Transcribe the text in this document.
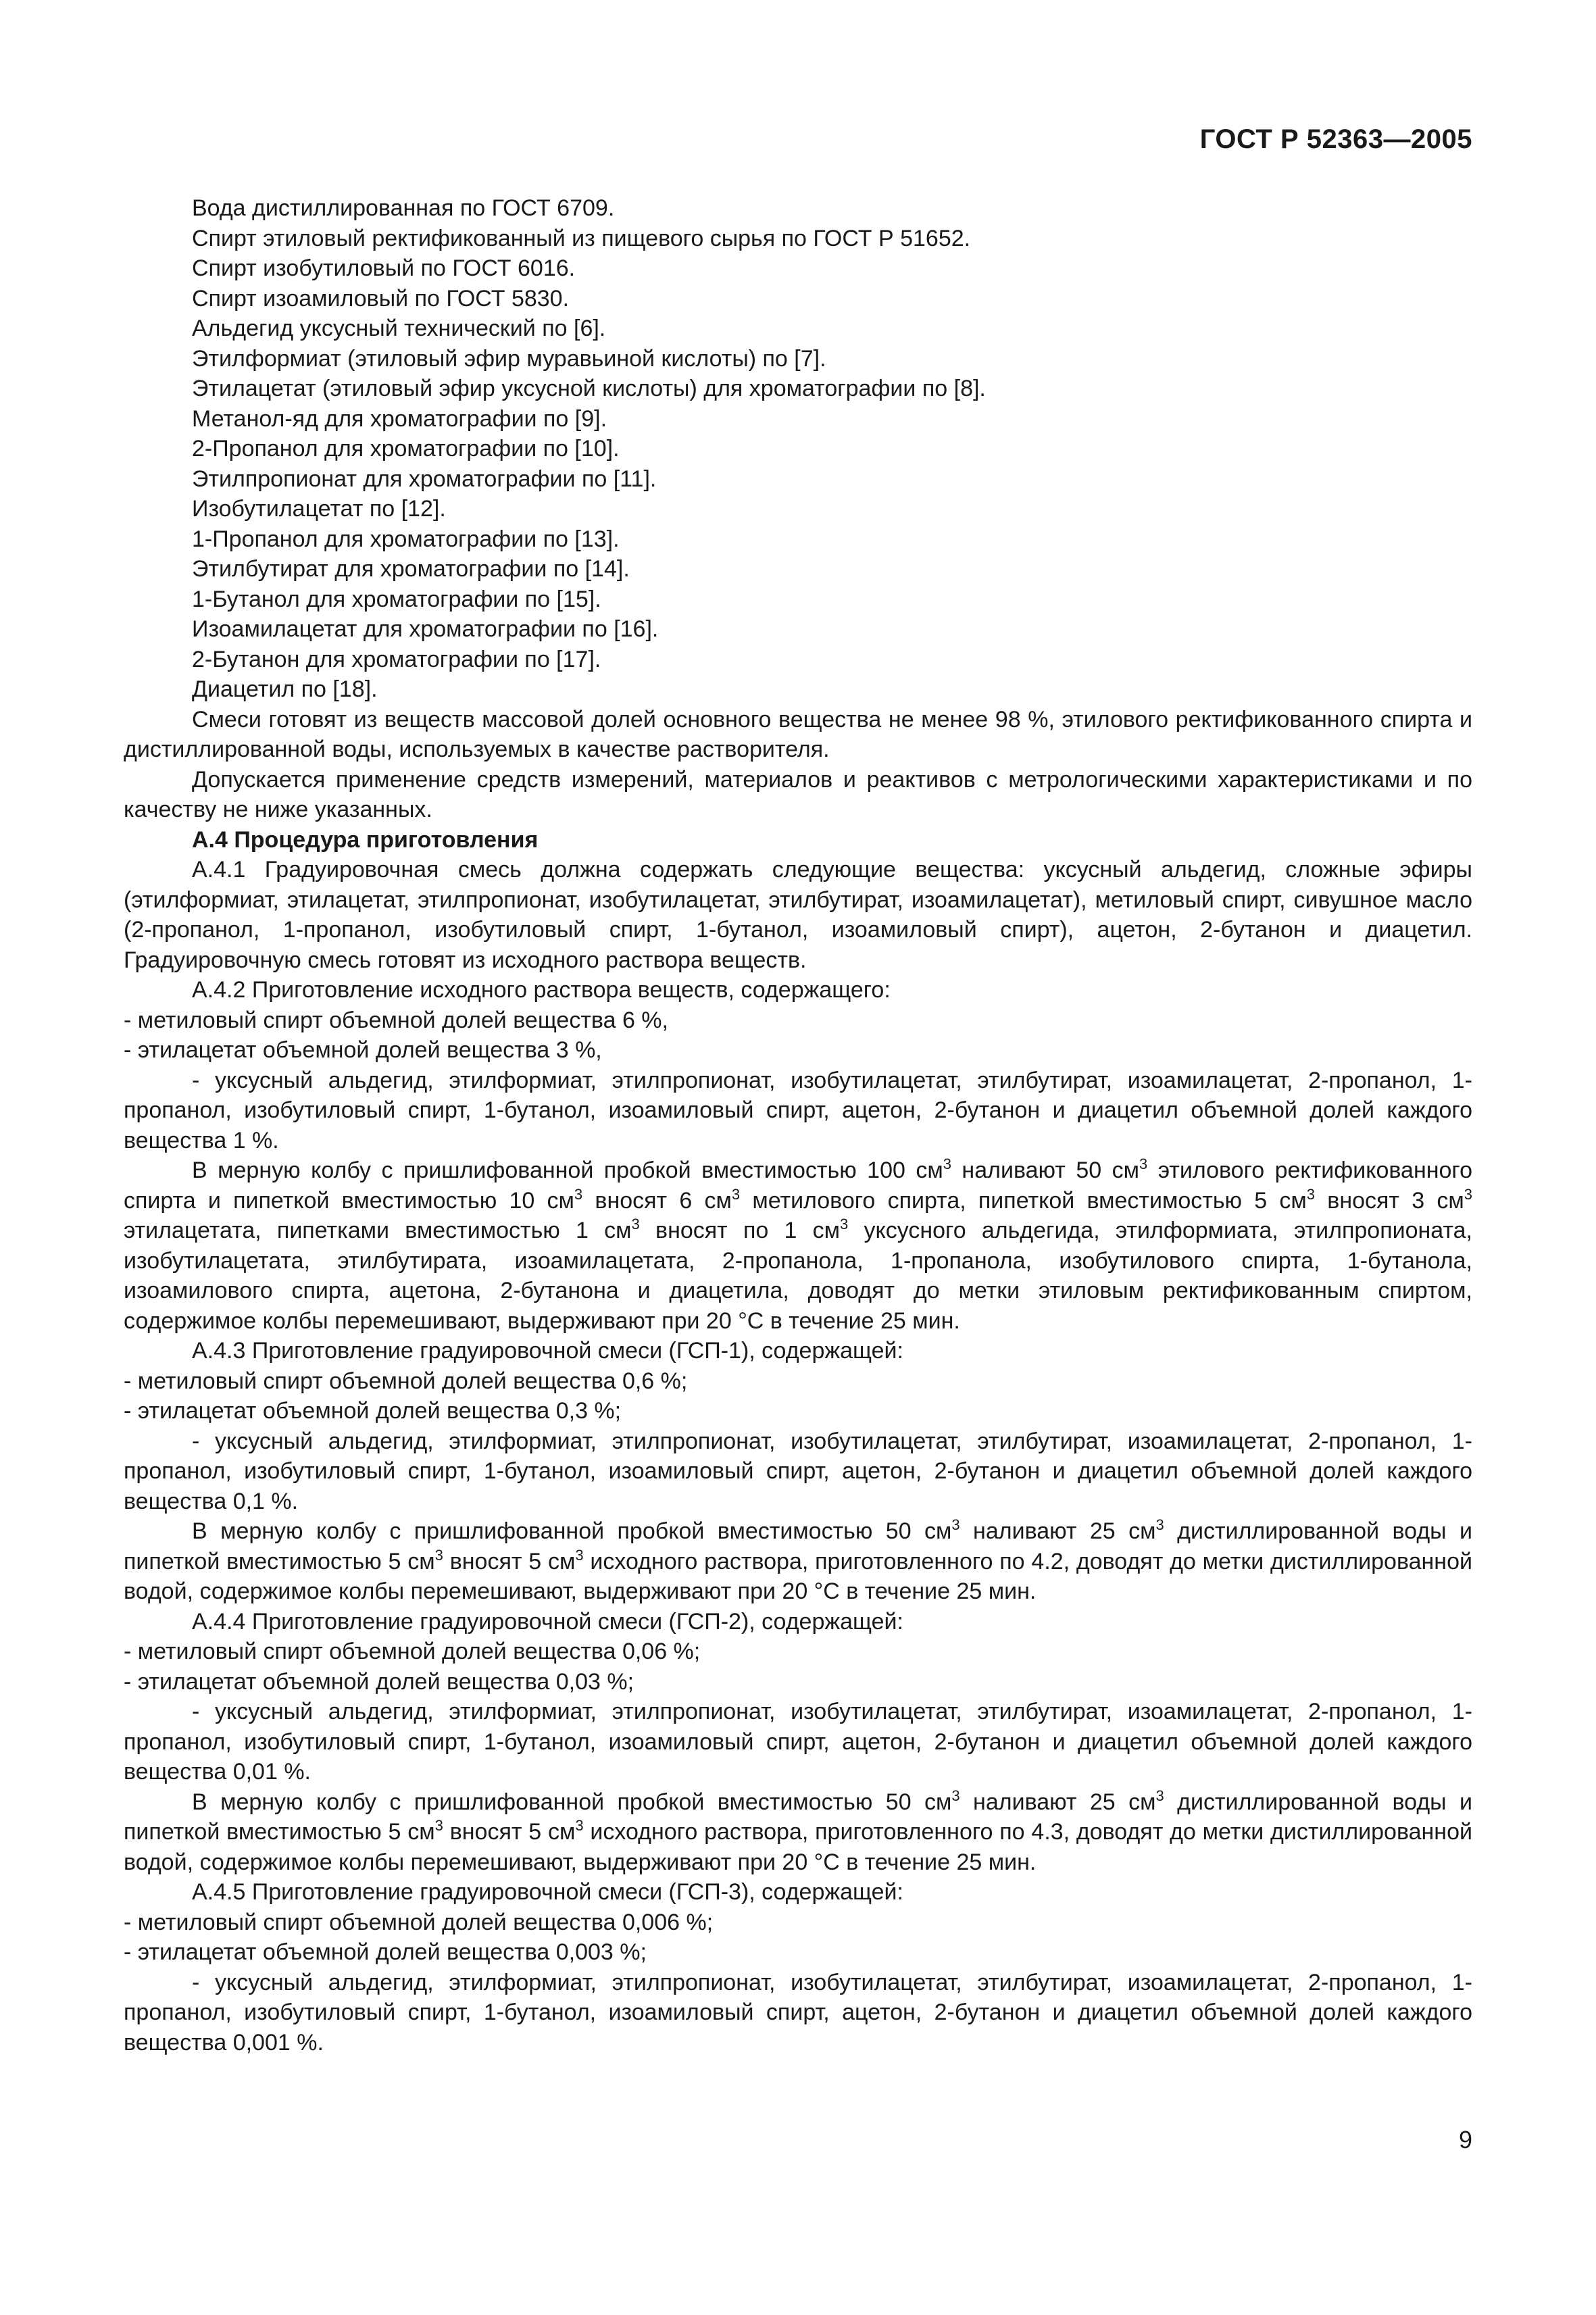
ГОСТ Р 52363—2005

Вода дистиллированная по ГОСТ 6709.

Спирт этиловый ректификованный из пищевого сырья по ГОСТ Р 51652.

Спирт изобутиловый по ГОСТ 6016.

Спирт изоамиловый по ГОСТ 5830.

Альдегид уксусный технический по [6].

Этилформиат (этиловый эфир муравьиной кислоты) по [7].

Этилацетат (этиловый эфир уксусной кислоты) для хроматографии по [8].

Метанол-яд для хроматографии по [9].

2-Пропанол для хроматографии по [10].

Этилпропионат для хроматографии по [11].

Изобутилацетат по [12].

1-Пропанол для хроматографии по [13].

Этилбутират для хроматографии по [14].

1-Бутанол для хроматографии по [15].

Изоамилацетат для хроматографии по [16].

2-Бутанон для хроматографии по [17].

Диацетил по [18].

Смеси готовят из веществ массовой долей основного вещества не менее 98 %, этилового ректификованного спирта и дистиллированной воды, используемых в качестве растворителя.

Допускается применение средств измерений, материалов и реактивов с метрологическими характеристиками и по качеству не ниже указанных.

А.4 Процедура приготовления

А.4.1 Градуировочная смесь должна содержать следующие вещества: уксусный альдегид, сложные эфиры (этилформиат, этилацетат, этилпропионат, изобутилацетат, этилбутират, изоамилацетат), метиловый спирт, сивушное масло (2-пропанол, 1-пропанол, изобутиловый спирт, 1-бутанол, изоамиловый спирт), ацетон, 2-бутанон и диацетил. Градуировочную смесь готовят из исходного раствора веществ.

А.4.2 Приготовление исходного раствора веществ, содержащего:

- метиловый спирт объемной долей вещества 6 %,

- этилацетат объемной долей вещества 3 %,

- уксусный альдегид, этилформиат, этилпропионат, изобутилацетат, этилбутират, изоамилацетат, 2-пропанол, 1-пропанол, изобутиловый спирт, 1-бутанол, изоамиловый спирт, ацетон, 2-бутанон и диацетил объемной долей каждого вещества 1 %.

В мерную колбу с пришлифованной пробкой вместимостью 100 $см^3$ наливают 50 $см^3$ этилового ректификованного спирта и пипеткой вместимостью 10 $см^3$ вносят 6 $см^3$ метилового спирта, пипеткой вместимостью 5 $см^3$ вносят 3 $см^3$ этилацетата, пипетками вместимостью 1 $см^3$ вносят по 1 $см^3$ уксусного альдегида, этилформиата, этилпропионата, изобутилацетата, этилбутирата, изоамилацетата, 2-пропанола, 1-пропанола, изобутилового спирта, 1-бутанола, изоамилового спирта, ацетона, 2-бутанона и диацетила, доводят до метки этиловым ректификованным спиртом, содержимое колбы перемешивают, выдерживают при 20 °С в течение 25 мин.

А.4.3 Приготовление градуировочной смеси (ГСП-1), содержащей:

- метиловый спирт объемной долей вещества 0,6 %;

- этилацетат объемной долей вещества 0,3 %;

- уксусный альдегид, этилформиат, этилпропионат, изобутилацетат, этилбутират, изоамилацетат, 2-пропанол, 1-пропанол, изобутиловый спирт, 1-бутанол, изоамиловый спирт, ацетон, 2-бутанон и диацетил объемной долей каждого вещества 0,1 %.

В мерную колбу с пришлифованной пробкой вместимостью 50 $см^3$ наливают 25 $см^3$ дистиллированной воды и пипеткой вместимостью 5 $см^3$ вносят 5 $см^3$ исходного раствора, приготовленного по 4.2, доводят до метки дистиллированной водой, содержимое колбы перемешивают, выдерживают при 20 °С в течение 25 мин.

А.4.4 Приготовление градуировочной смеси (ГСП-2), содержащей:

- метиловый спирт объемной долей вещества 0,06 %;

- этилацетат объемной долей вещества 0,03 %;

- уксусный альдегид, этилформиат, этилпропионат, изобутилацетат, этилбутират, изоамилацетат, 2-пропанол, 1-пропанол, изобутиловый спирт, 1-бутанол, изоамиловый спирт, ацетон, 2-бутанон и диацетил объемной долей каждого вещества 0,01 %.

В мерную колбу с пришлифованной пробкой вместимостью 50 $см^3$ наливают 25 $см^3$ дистиллированной воды и пипеткой вместимостью 5 $см^3$ вносят 5 $см^3$ исходного раствора, приготовленного по 4.3, доводят до метки дистиллированной водой, содержимое колбы перемешивают, выдерживают при 20 °С в течение 25 мин.

А.4.5 Приготовление градуировочной смеси (ГСП-3), содержащей:

- метиловый спирт объемной долей вещества 0,006 %;

- этилацетат объемной долей вещества 0,003 %;

- уксусный альдегид, этилформиат, этилпропионат, изобутилацетат, этилбутират, изоамилацетат, 2-пропанол, 1-пропанол, изобутиловый спирт, 1-бутанол, изоамиловый спирт, ацетон, 2-бутанон и диацетил объемной долей каждого вещества 0,001 %.

9
